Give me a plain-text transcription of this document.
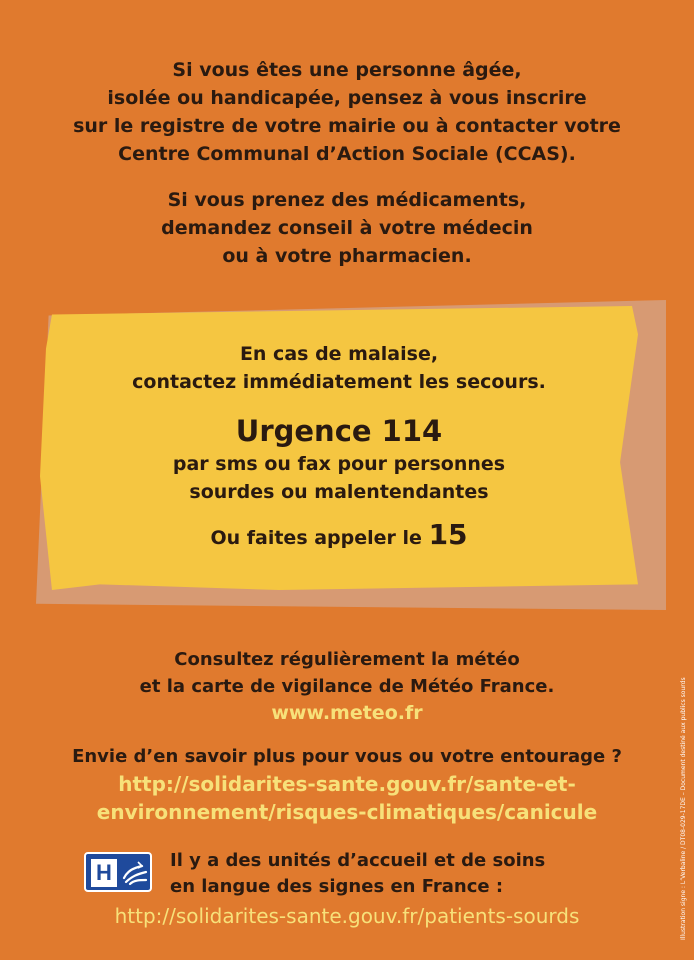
Si vous êtes une personne âgée,
isolée ou handicapée, pensez à vous inscrire
sur le registre de votre mairie ou à contacter votre
Centre Communal d’Action Sociale (CCAS).
Si vous prenez des médicaments,
demandez conseil à votre médecin
ou à votre pharmacien.
En cas de malaise,
contactez immédiatement les secours.
Urgence 114
par sms ou fax pour personnes
sourdes ou malentendantes
Ou faites appeler le 15
Consultez régulièrement la météo
et la carte de vigilance de Météo France.
www.meteo.fr
Envie d’en savoir plus pour vous ou votre entourage ?
http://solidarites-sante.gouv.fr/sante-et-
environnement/risques-climatiques/canicule
H	Il y a des unités d’accueil et de soins
en langue des signes en France :
http://solidarites-sante.gouv.fr/patients-sourds	Illustration signe : L’Verbaline / DT08-029-17DE – Document destiné aux publics sourds
